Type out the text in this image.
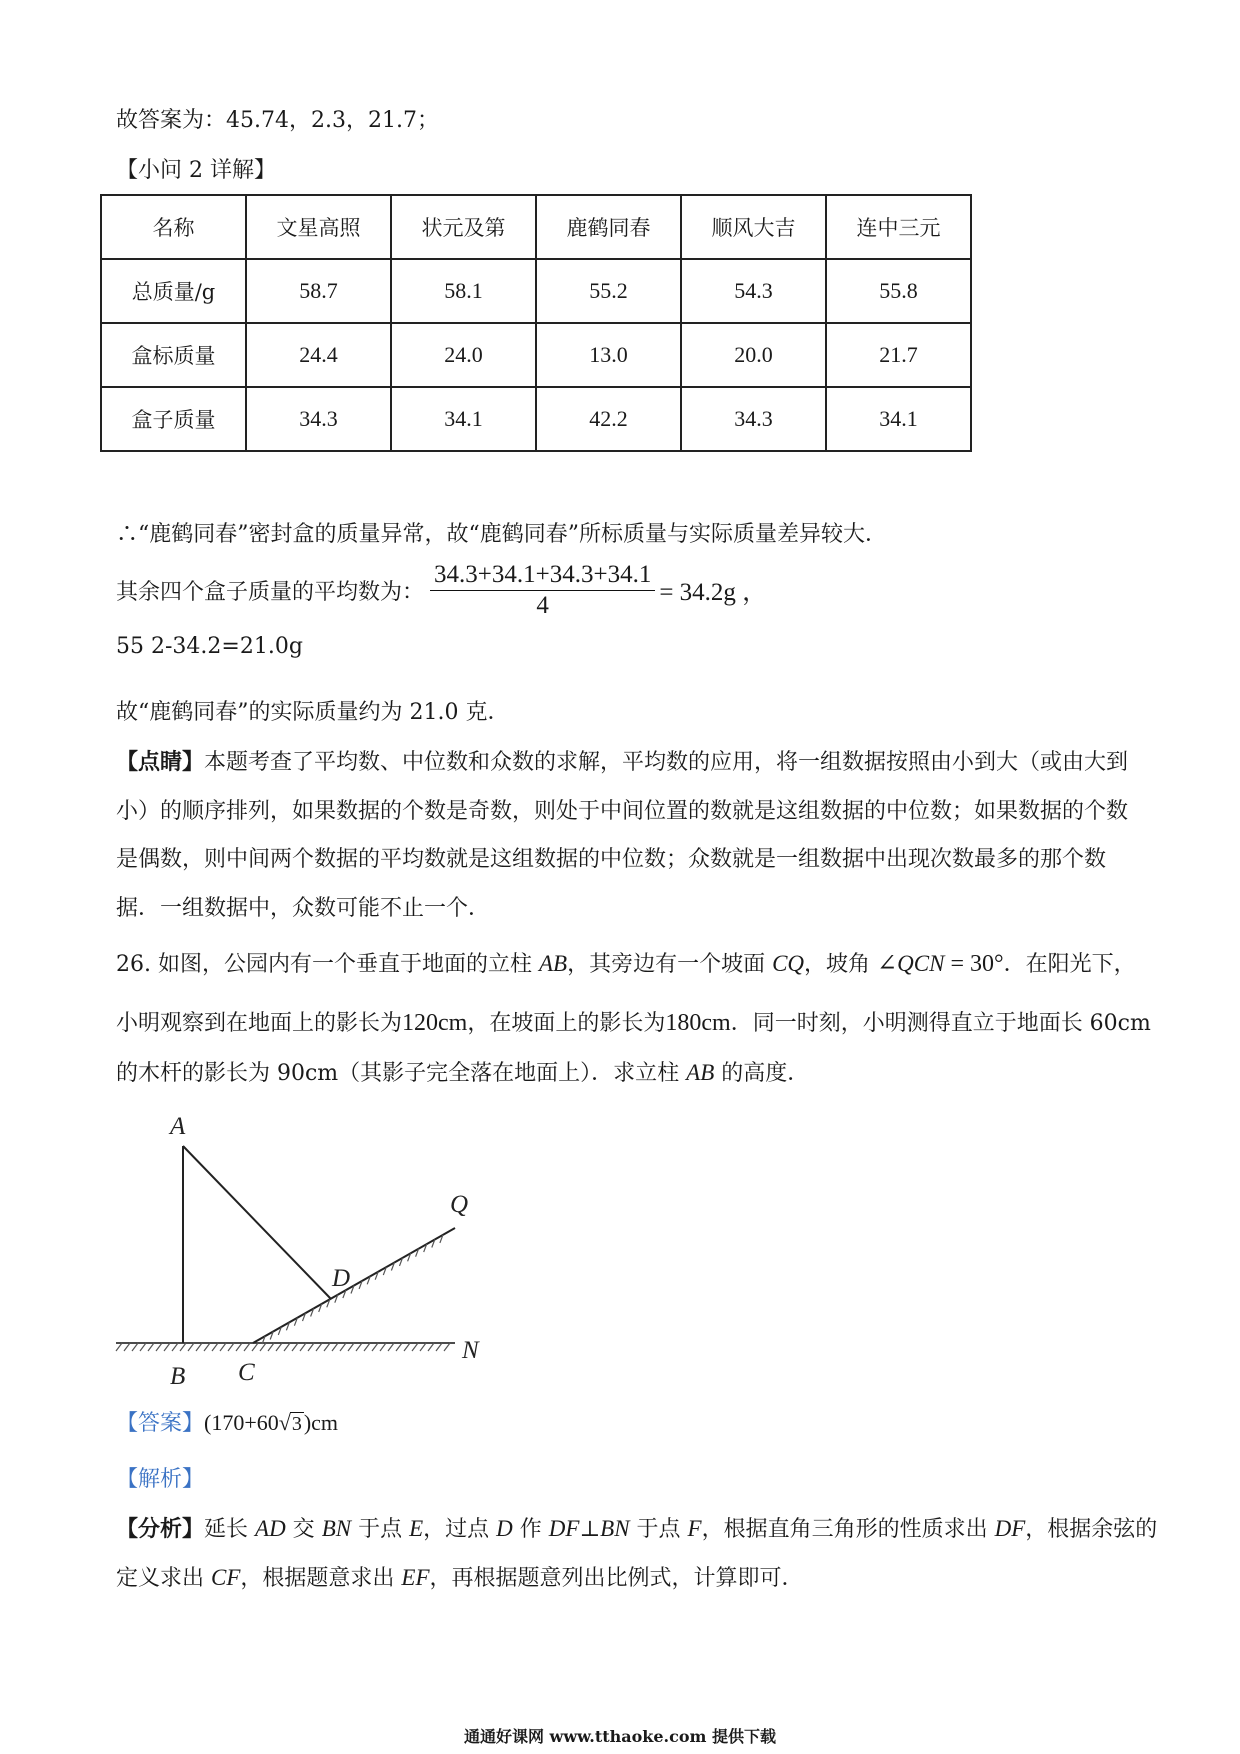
故答案为：45.74，2.3，21.7；
【小问 2 详解】
名称	文星高照	状元及第	鹿鹤同春	顺风大吉	连中三元
总质量/g	58.7	58.1	55.2	54.3	55.8
盒标质量	24.4	24.0	13.0	20.0	21.7
盒子质量	34.3	34.1	42.2	34.3	34.1
∴“鹿鹤同春”密封盒的质量异常，故“鹿鹤同春”所标质量与实际质量差异较大．
其余四个盒子质量的平均数为： $\frac{34.3+34.1+34.3+34.1}{4} = 34.2g$ ，
55 2-34.2=21.0g
故“鹿鹤同春”的实际质量约为 21.0 克．
【点睛】本题考查了平均数、中位数和众数的求解，平均数的应用，将一组数据按照由小到大（或由大到
小）的顺序排列，如果数据的个数是奇数，则处于中间位置的数就是这组数据的中位数；如果数据的个数
是偶数，则中间两个数据的平均数就是这组数据的中位数；众数就是一组数据中出现次数最多的那个数
据．一组数据中，众数可能不止一个．
26. 如图，公园内有一个垂直于地面的立柱 AB，其旁边有一个坡面 CQ，坡角 ∠QCN = 30°．在阳光下，
小明观察到在地面上的影长为120cm，在坡面上的影长为180cm．同一时刻，小明测得直立于地面长 60cm
的木杆的影长为 90cm（其影子完全落在地面上）．求立柱 AB 的高度．
A
B C
D
Q
N
【答案】(170+60√3)cm
【解析】
【分析】延长 AD 交 BN 于点 E，过点 D 作 DF⊥BN 于点 F，根据直角三角形的性质求出 DF，根据余弦的
定义求出 CF，根据题意求出 EF，再根据题意列出比例式，计算即可．
通通好课网 www.tthaoke.com 提供下载
